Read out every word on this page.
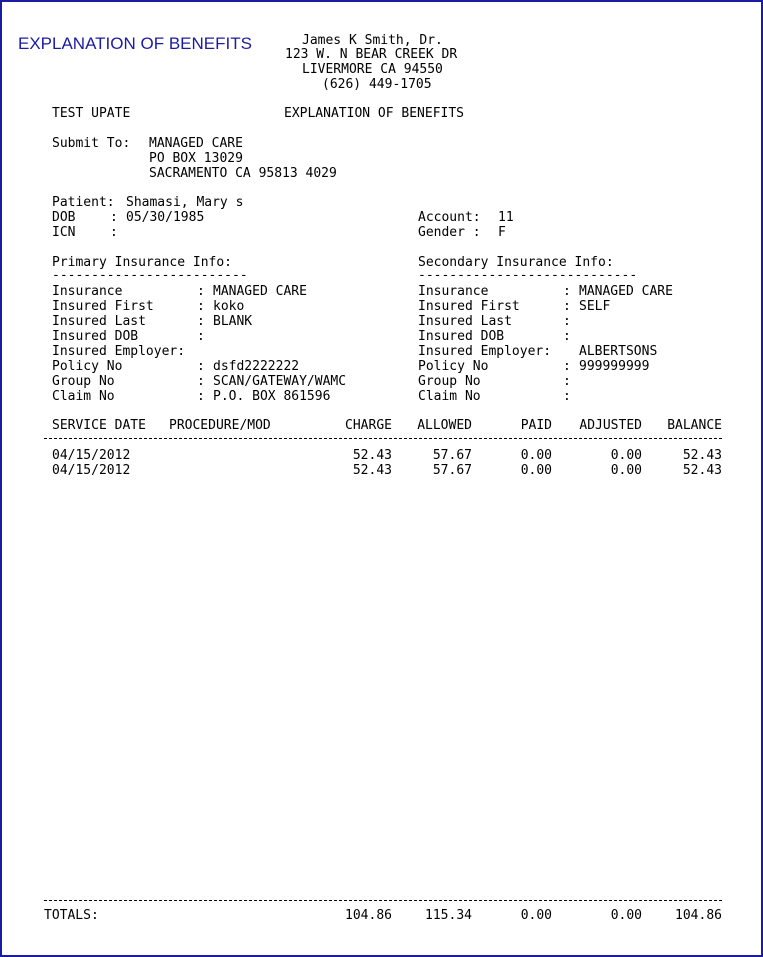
EXPLANATION OF BENEFITS	James K Smith, Dr.
123 W. N BEAR CREEK DR
LIVERMORE CA 94550
(626) 449-1705
TEST UPATE	EXPLANATION OF BENEFITS
Submit To: MANAGED CARE
PO BOX 13029
SACRAMENTO CA 95813 4029
Patient: Shamasi, Mary s
DOB	: 05/30/1985
ICN	:
Account: 11
Gender : F
Primary Insurance Info:
-------------------------
Insurance	: MANAGED CARE
Insured First	: koko
Insured Last	: BLANK
Insured DOB	:
Insured Employer:
Policy No	: dsfd2222222
Group No	: SCAN/GATEWAY/WAMC
Claim No	: P.O. BOX 861596
Secondary Insurance Info:
----------------------------
Insurance	: MANAGED CARE
Insured First	: SELF
Insured Last	:
Insured DOB	:
Insured Employer: ALBERTSONS
Policy No	: 999999999
Group No	:
Claim No	:
SERVICE DATE PROCEDURE/MOD	CHARGE ALLOWED	PAID ADJUSTED BALANCE
04/15/2012	52.43	57.67	0.00	0.00	52.43
04/15/2012	52.43	57.67	0.00	0.00	52.43
TOTALS:	104.86	115.34	0.00	0.00	104.86
